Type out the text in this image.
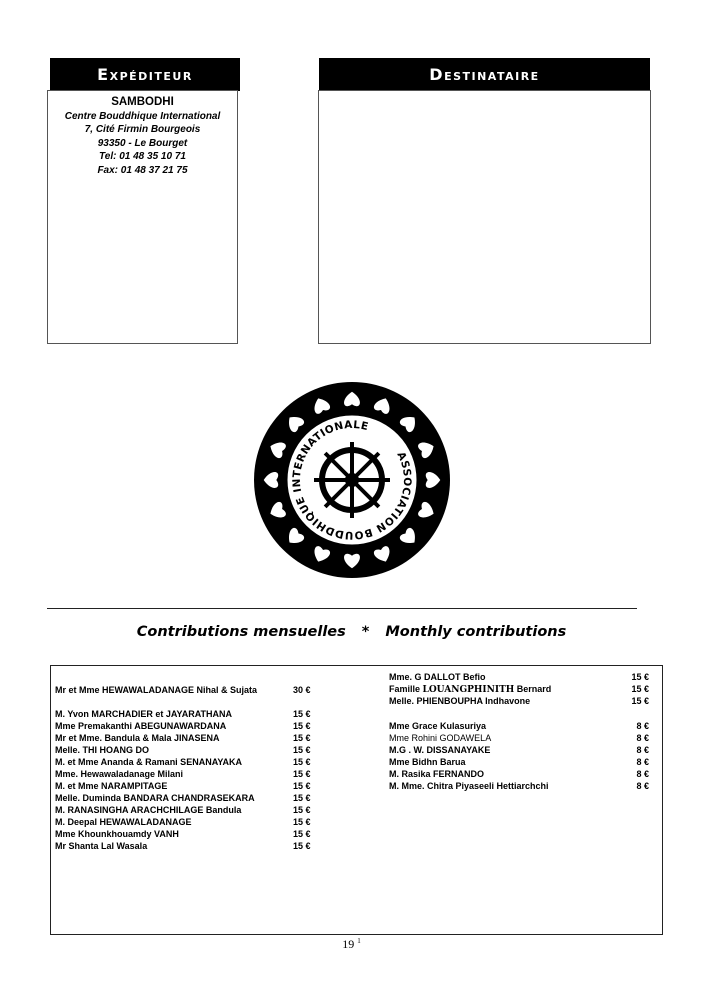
Expéditeur
SAMBODHI
Centre Bouddhique International
7, Cité Firmin Bourgeois
93350 - Le Bourget
Tel: 01 48 35 10 71
Fax: 01 48 37 21 75
Destinataire
ASSOCIATION BOUDDHIQUE INTERNATIONALE
Contributions mensuelles * Monthly contributions
Mr et Mme HEWAWALADANAGE Nihal & Sujata	30 €
M. Yvon MARCHADIER et JAYARATHANA	15 €
Mme Premakanthi ABEGUNAWARDANA	15 €
Mr et Mme. Bandula & Mala JINASENA	15 €
Melle. THI HOANG DO	15 €
M. et Mme Ananda & Ramani SENANAYAKA	15 €
Mme. Hewawaladanage Milani	15 €
M. et Mme NARAMPITAGE	15 €
Melle. Duminda BANDARA CHANDRASEKARA	15 €
M. RANASINGHA ARACHCHILAGE Bandula	15 €
M. Deepal HEWAWALADANAGE	15 €
Mme Khounkhouamdy VANH	15 €
Mr Shanta Lal Wasala	15 €
Mme. G DALLOT Befio	15 €
Famille LOUANGPHINITH Bernard	15 €
Melle. PHIENBOUPHA Indhavone	15 €
Mme Grace Kulasuriya	8 €
Mme Rohini GODAWELA	8 €
M.G . W. DISSANAYAKE	8 €
Mme Bidhn Barua	8 €
M. Rasika FERNANDO	8 €
M. Mme. Chitra Piyaseeli Hettiarchchi	8 €
19 $^1$
